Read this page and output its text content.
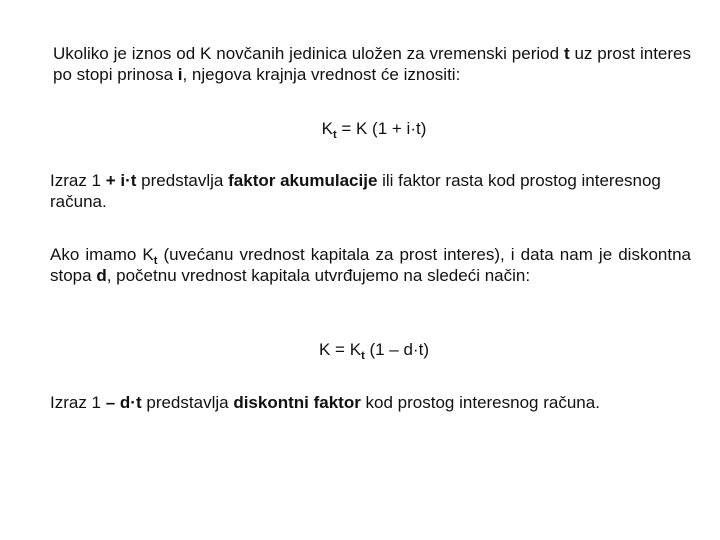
Ukoliko je iznos od K novčanih jedinica uložen za vremenski period t uz prost interes po stopi prinosa i, njegova krajnja vrednost će iznositi:

$K_t = K$ (1 + i·t)

Izraz 1 + i·t predstavlja faktor akumulacije ili faktor rasta kod prostog interesnog računa.

Ako imamo $K_t$ (uvećanu vrednost kapitala za prost interes), i data nam je diskontna stopa d, početnu vrednost kapitala utvrđujemo na sledeći način:

$K = K_t$ (1 – d·t)

Izraz 1 – d·t predstavlja diskontni faktor kod prostog interesnog računa.
